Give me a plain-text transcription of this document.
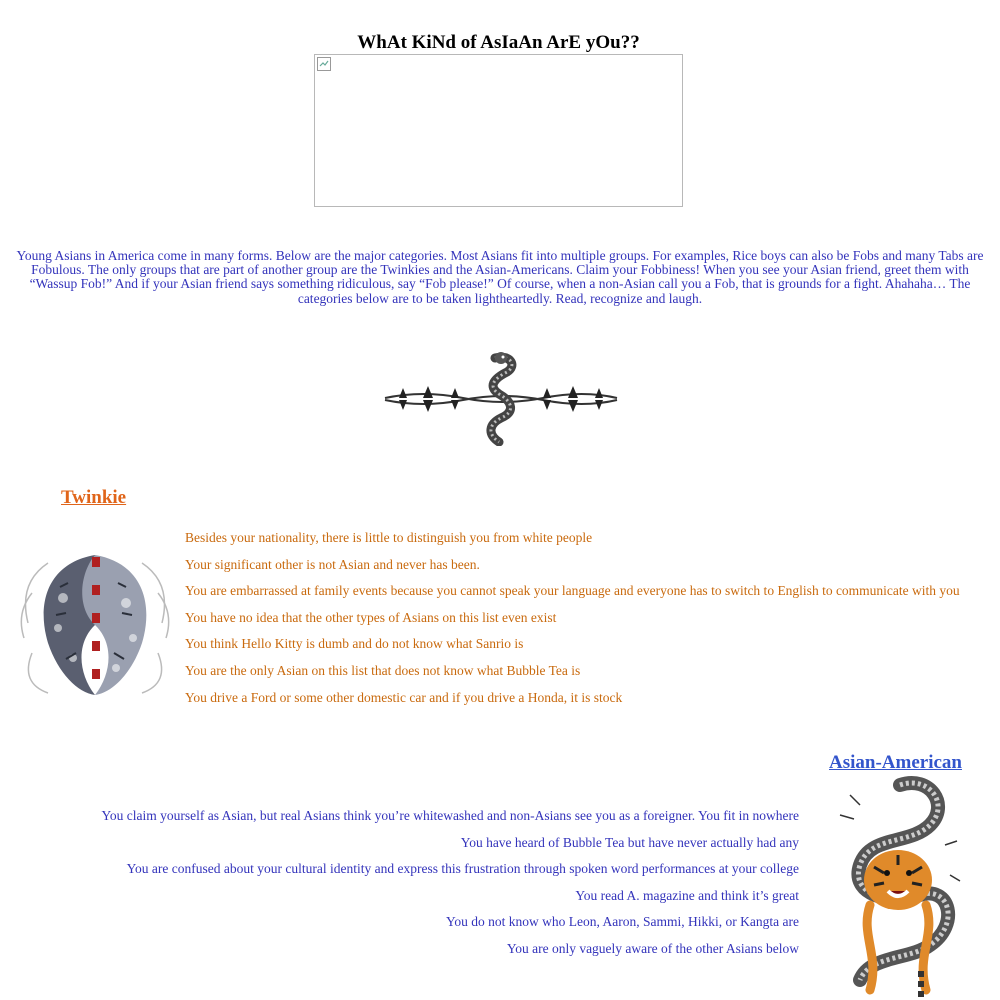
WhAt KiNd of AsIaAn ArE yOu??

Young Asians in America come in many forms. Below are the major categories. Most Asians fit into multiple groups. For examples, Rice boys can also be Fobs and many Tabs are Fobulous. The only groups that are part of another group are the Twinkies and the Asian-Americans. Claim your Fobbiness! When you see your Asian friend, greet them with “Wassup Fob!” And if your Asian friend says something ridiculous, say “Fob please!” Of course, when a non-Asian call you a Fob, that is grounds for a fight. Ahahaha… The categories below are to be taken lightheartedly. Read, recognize and laugh.

Twinkie
Besides your nationality, there is little to distinguish you from white people
Your significant other is not Asian and never has been.
You are embarrassed at family events because you cannot speak your language and everyone has to switch to English to communicate with you
You have no idea that the other types of Asians on this list even exist
You think Hello Kitty is dumb and do not know what Sanrio is
You are the only Asian on this list that does not know what Bubble Tea is
You drive a Ford or some other domestic car and if you drive a Honda, it is stock
Asian-American
You claim yourself as Asian, but real Asians think you’re whitewashed and non-Asians see you as a foreigner. You fit in nowhere
You have heard of Bubble Tea but have never actually had any
You are confused about your cultural identity and express this frustration through spoken word performances at your college
You read A. magazine and think it’s great
You do not know who Leon, Aaron, Sammi, Hikki, or Kangta are
You are only vaguely aware of the other Asians below
